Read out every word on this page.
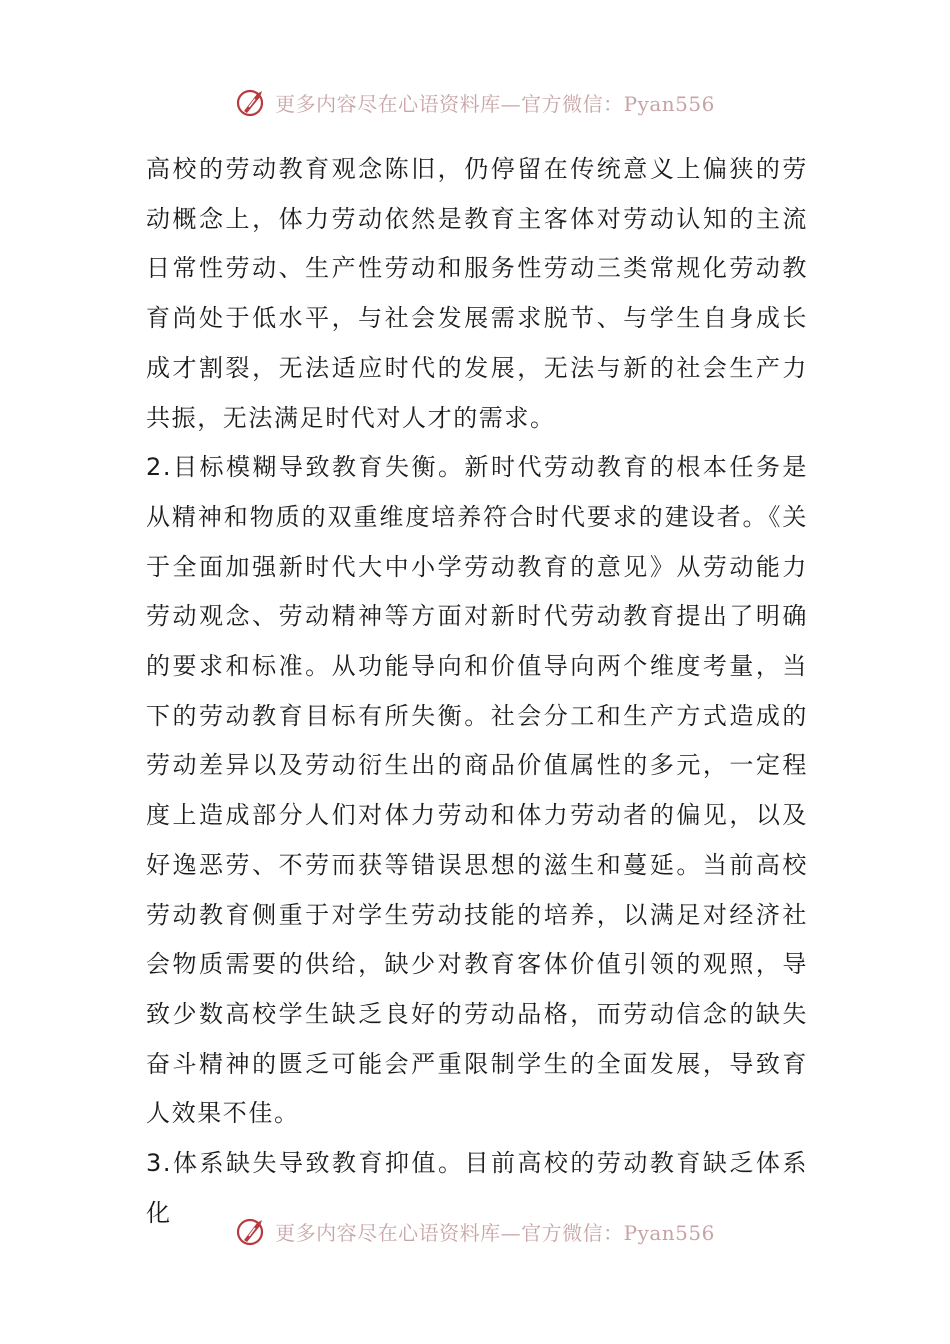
更多内容尽在心语资料库—官方微信：Pyan556

高校的劳动教育观念陈旧，仍停留在传统意义上偏狭的劳动概念上，体力劳动依然是教育主客体对劳动认知的主流日常性劳动、生产性劳动和服务性劳动三类常规化劳动教育尚处于低水平，与社会发展需求脱节、与学生自身成长成才割裂，无法适应时代的发展，无法与新的社会生产力共振，无法满足时代对人才的需求。

2.目标模糊导致教育失衡。新时代劳动教育的根本任务是从精神和物质的双重维度培养符合时代要求的建设者。《关于全面加强新时代大中小学劳动教育的意见》从劳动能力劳动观念、劳动精神等方面对新时代劳动教育提出了明确的要求和标准。从功能导向和价值导向两个维度考量，当下的劳动教育目标有所失衡。社会分工和生产方式造成的劳动差异以及劳动衍生出的商品价值属性的多元，一定程度上造成部分人们对体力劳动和体力劳动者的偏见，以及好逸恶劳、不劳而获等错误思想的滋生和蔓延。当前高校劳动教育侧重于对学生劳动技能的培养，以满足对经济社会物质需要的供给，缺少对教育客体价值引领的观照，导致少数高校学生缺乏良好的劳动品格，而劳动信念的缺失奋斗精神的匮乏可能会严重限制学生的全面发展，导致育人效果不佳。

3.体系缺失导致教育抑值。目前高校的劳动教育缺乏体系化

更多内容尽在心语资料库—官方微信：Pyan556
